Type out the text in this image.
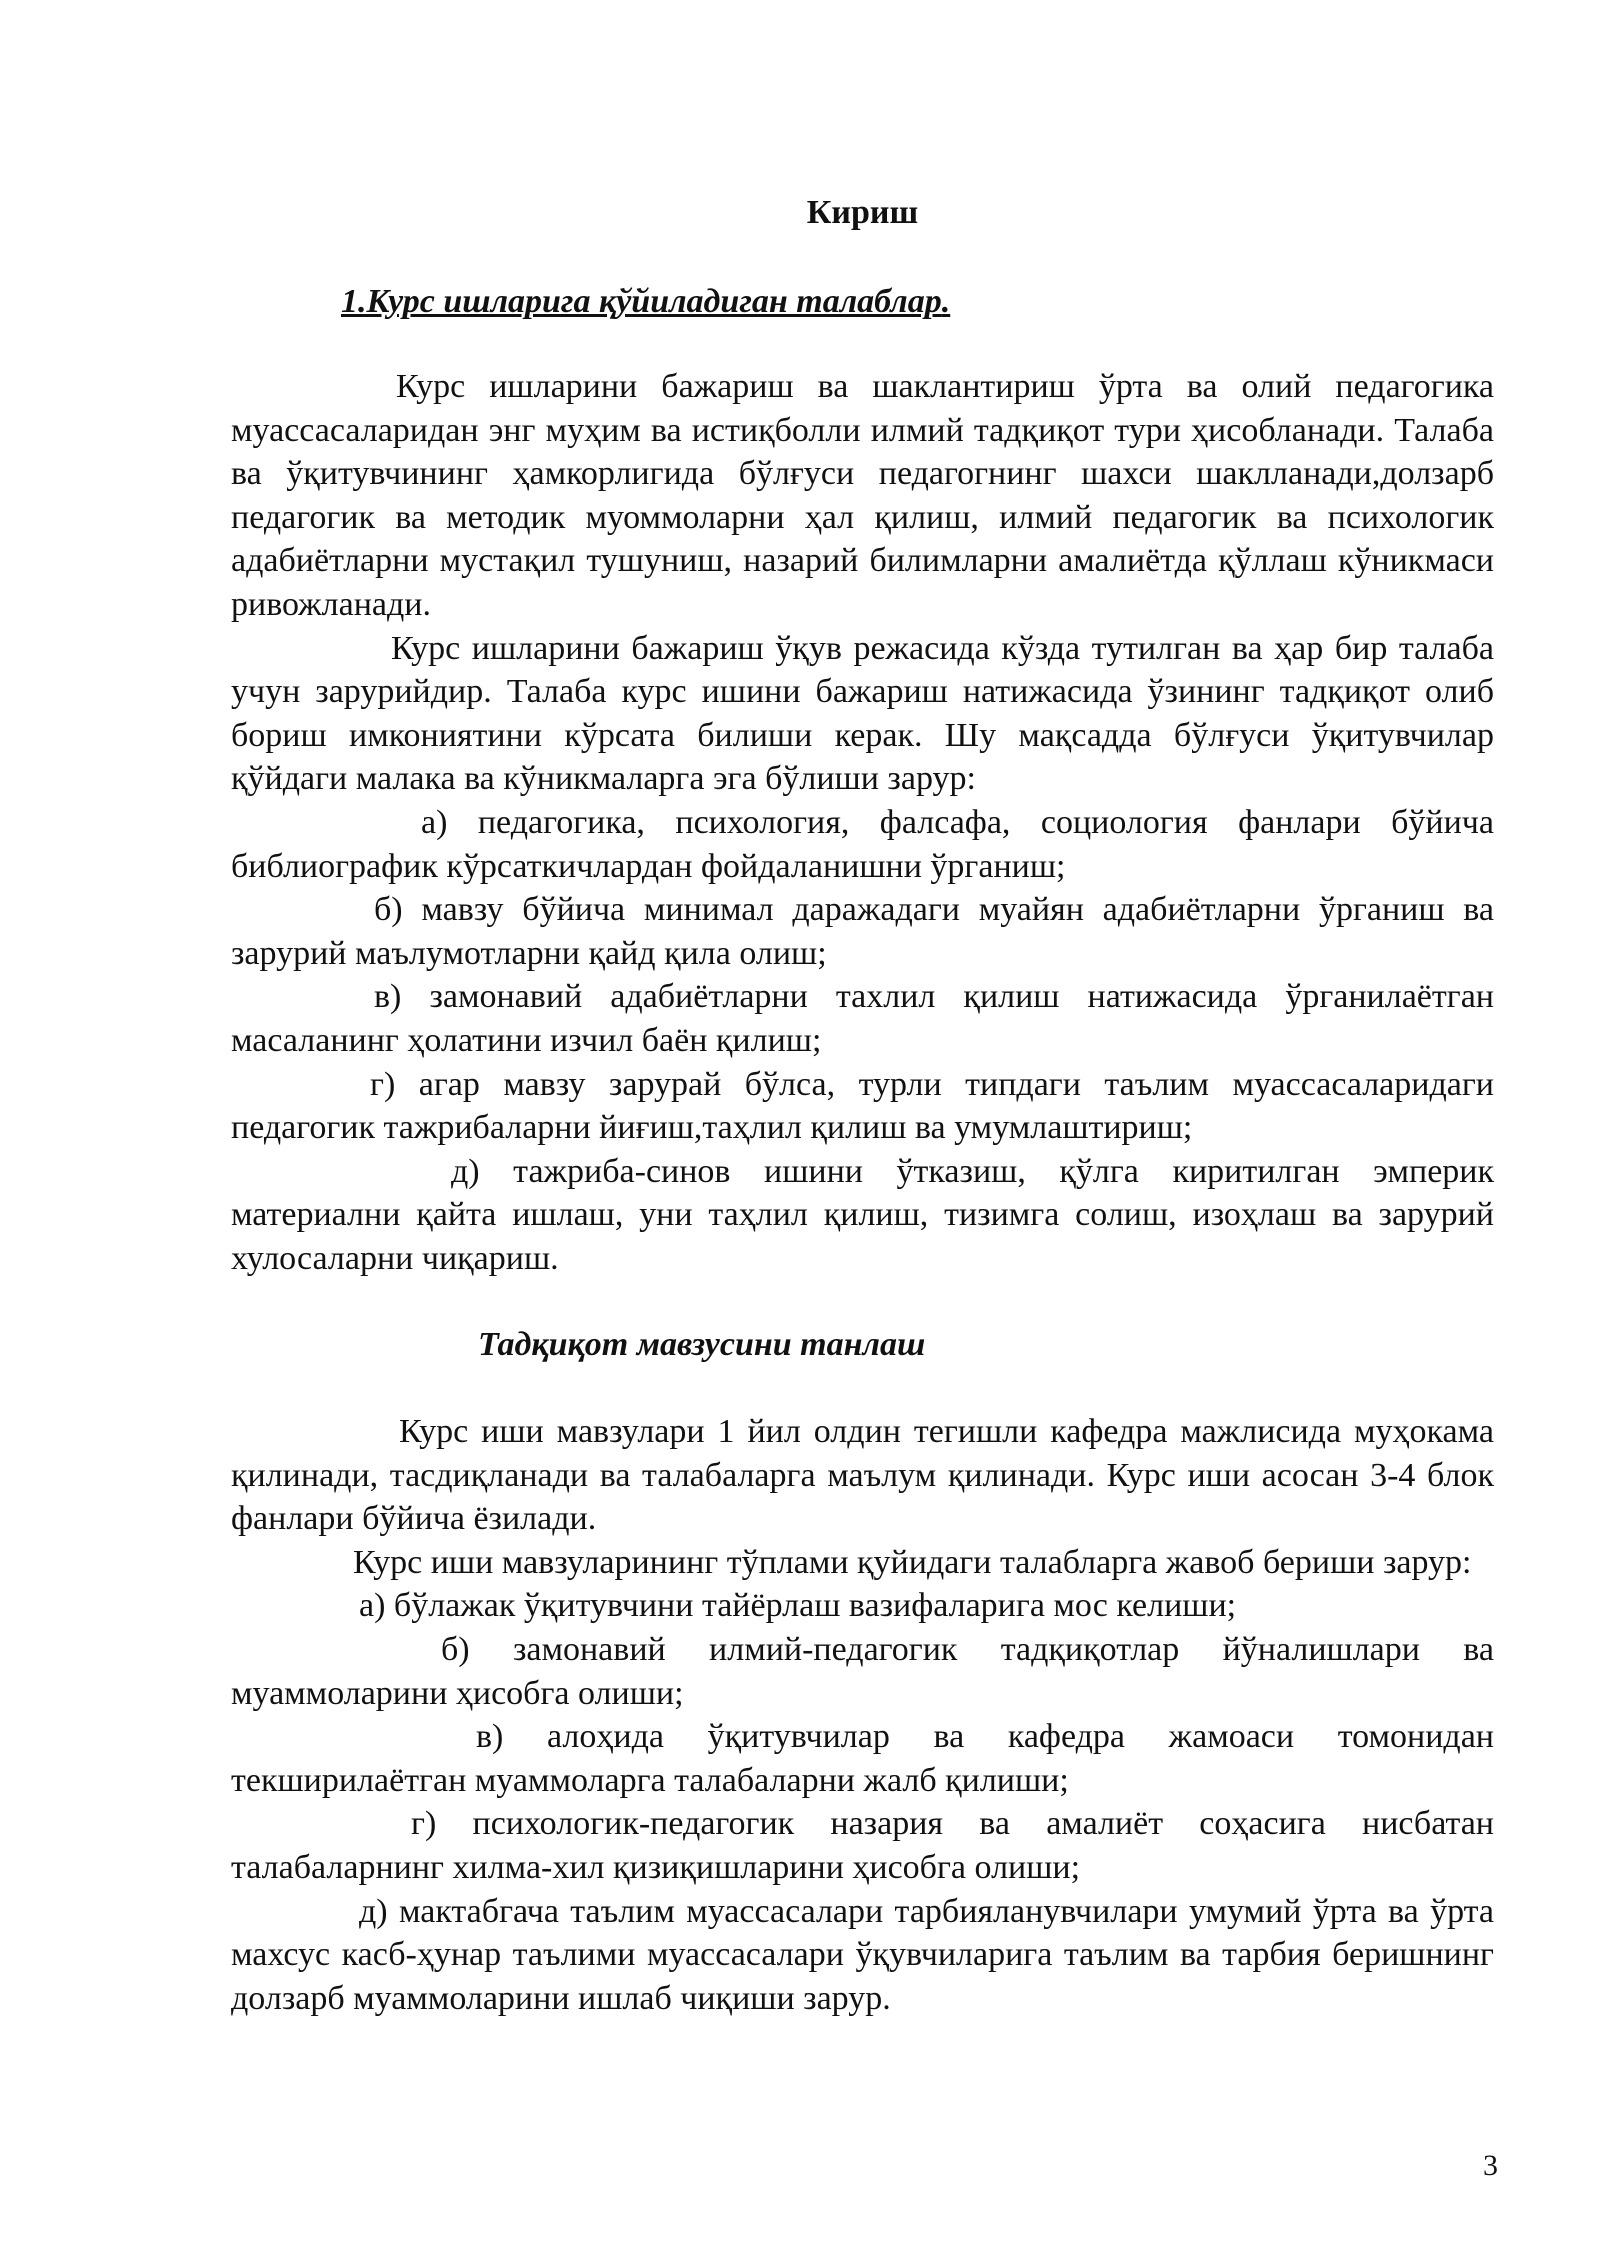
Кириш
1.Курс ишларига қўйиладиган талаблар.

Курс ишларини бажариш ва шаклантириш ўрта ва олий педагогика муассасаларидан энг муҳим ва истиқболли илмий тадқиқот тури ҳисобланади. Талаба ва ўқитувчининг ҳамкорлигида бўлғуси педагогнинг шахси шаклланади,долзарб педагогик ва методик муоммоларни ҳал қилиш, илмий педагогик ва психологик адабиётларни мустақил тушуниш, назарий билимларни амалиётда қўллаш кўникмаси ривожланади.

Курс ишларини бажариш ўқув режасида кўзда тутилган ва ҳар бир талаба учун зарурийдир. Талаба курс ишини бажариш натижасида ўзининг тадқиқот олиб бориш имкониятини кўрсата билиши керак. Шу мақсадда бўлғуси ўқитувчилар қўйдаги малака ва кўникмаларга эга бўлиши зарур:

а) педагогика, психология, фалсафа, социология фанлари бўйича библиографик кўрсаткичлардан фойдаланишни ўрганиш;

б) мавзу бўйича минимал даражадаги муайян адабиётларни ўрганиш ва зарурий маълумотларни қайд қила олиш;

в) замонавий адабиётларни тахлил қилиш натижасида ўрганилаётган масаланинг ҳолатини изчил баён қилиш;

г) агар мавзу зарурай бўлса, турли типдаги таълим муассасаларидаги педагогик тажрибаларни йиғиш,таҳлил қилиш ва умумлаштириш;

д) тажриба-синов ишини ўтказиш, қўлга киритилган эмперик материални қайта ишлаш, уни таҳлил қилиш, тизимга солиш, изоҳлаш ва зарурий хулосаларни чиқариш.

Тадқиқот мавзусини танлаш

Курс иши мавзулари 1 йил олдин тегишли кафедра мажлисида муҳокама қилинади, тасдиқланади ва талабаларга маълум қилинади. Курс иши асосан 3-4 блок фанлари бўйича ёзилади.

Курс иши мавзуларининг тўплами қуйидаги талабларга жавоб бериши зарур:

а) бўлажак ўқитувчини тайёрлаш вазифаларига мос келиши;

б) замонавий илмий-педагогик тадқиқотлар йўналишлари ва муаммоларини ҳисобга олиши;

в) алоҳида ўқитувчилар ва кафедра жамоаси томонидан текширилаётган муаммоларга талабаларни жалб қилиши;

г) психологик-педагогик назария ва амалиёт соҳасига нисбатан талабаларнинг хилма-хил қизиқишларини ҳисобга олиши;

д) мактабгача таълим муассасалари тарбияланувчилари умумий ўрта ва ўрта махсус касб-ҳунар таълими муассасалари ўқувчиларига таълим ва тарбия беришнинг долзарб муаммоларини ишлаб чиқиши зарур.

3
